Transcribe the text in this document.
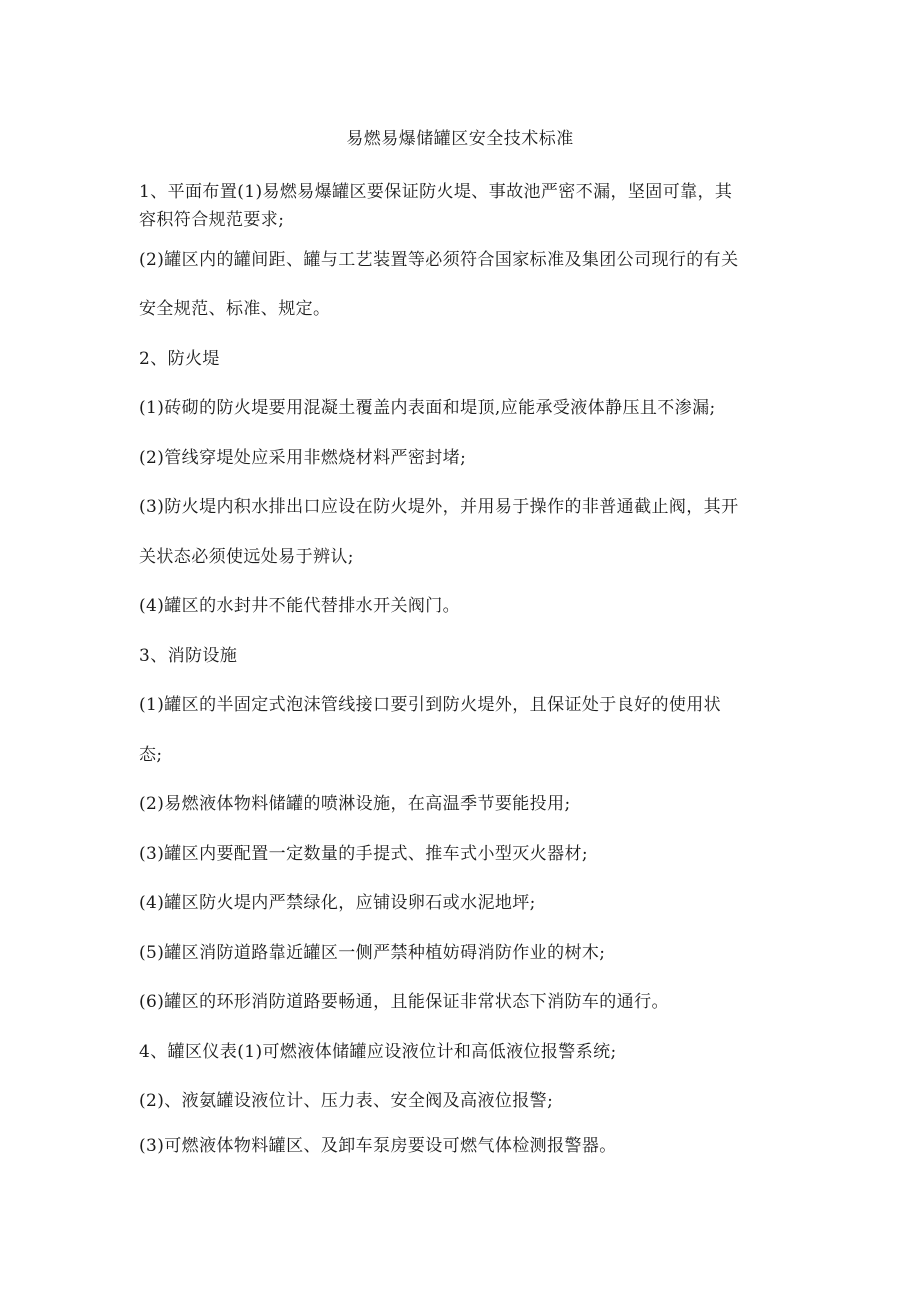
易燃易爆储罐区安全技术标准
1、平面布置(1)易燃易爆罐区要保证防火堤、事故池严密不漏，坚固可靠，其
容积符合规范要求;
(2)罐区内的罐间距、罐与工艺装置等必须符合国家标准及集团公司现行的有关
安全规范、标准、规定。
2、防火堤
(1)砖砌的防火堤要用混凝土覆盖内表面和堤顶,应能承受液体静压且不渗漏;
(2)管线穿堤处应采用非燃烧材料严密封堵;
(3)防火堤内积水排出口应设在防火堤外，并用易于操作的非普通截止阀，其开
关状态必须使远处易于辨认;
(4)罐区的水封井不能代替排水开关阀门。
3、消防设施
(1)罐区的半固定式泡沫管线接口要引到防火堤外，且保证处于良好的使用状
态;
(2)易燃液体物料储罐的喷淋设施，在高温季节要能投用;
(3)罐区内要配置一定数量的手提式、推车式小型灭火器材;
(4)罐区防火堤内严禁绿化，应铺设卵石或水泥地坪;
(5)罐区消防道路靠近罐区一侧严禁种植妨碍消防作业的树木;
(6)罐区的环形消防道路要畅通，且能保证非常状态下消防车的通行。
4、罐区仪表(1)可燃液体储罐应设液位计和高低液位报警系统;
(2)、液氨罐设液位计、压力表、安全阀及高液位报警;
(3)可燃液体物料罐区、及卸车泵房要设可燃气体检测报警器。
